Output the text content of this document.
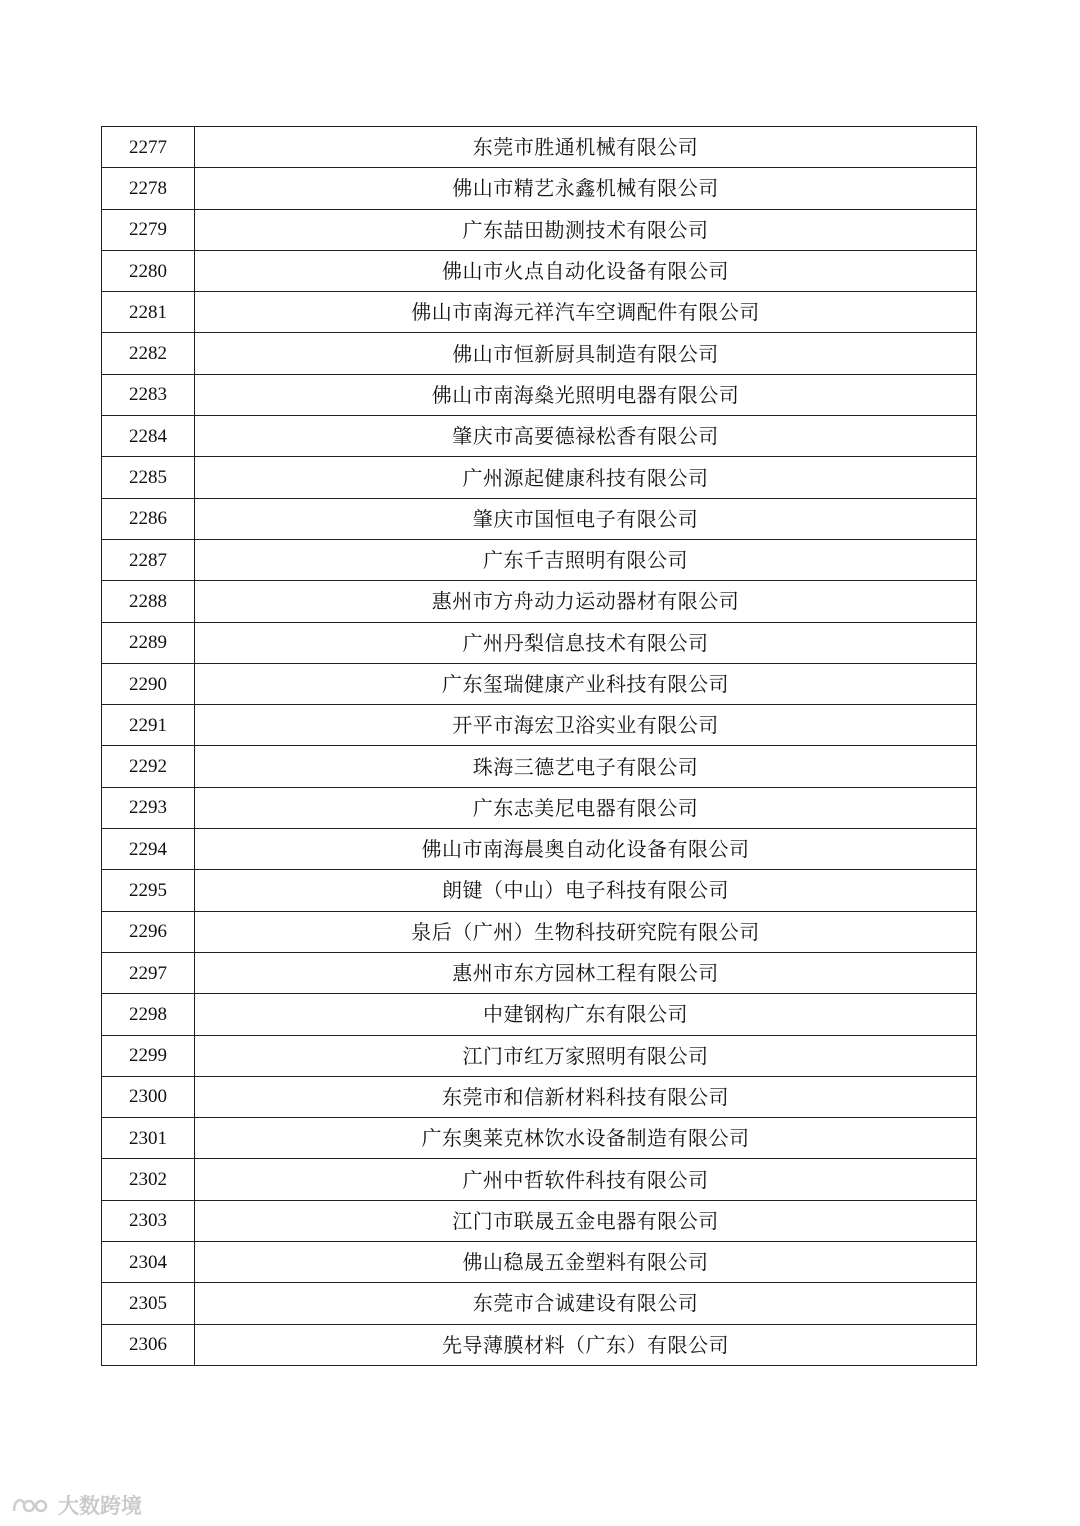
2277	东莞市胜通机械有限公司
2278	佛山市精艺永鑫机械有限公司
2279	广东喆田勘测技术有限公司
2280	佛山市火点自动化设备有限公司
2281	佛山市南海元祥汽车空调配件有限公司
2282	佛山市恒新厨具制造有限公司
2283	佛山市南海燊光照明电器有限公司
2284	肇庆市高要德禄松香有限公司
2285	广州源起健康科技有限公司
2286	肇庆市国恒电子有限公司
2287	广东千吉照明有限公司
2288	惠州市方舟动力运动器材有限公司
2289	广州丹梨信息技术有限公司
2290	广东玺瑞健康产业科技有限公司
2291	开平市海宏卫浴实业有限公司
2292	珠海三德艺电子有限公司
2293	广东志美尼电器有限公司
2294	佛山市南海晨奥自动化设备有限公司
2295	朗键（中山）电子科技有限公司
2296	泉后（广州）生物科技研究院有限公司
2297	惠州市东方园林工程有限公司
2298	中建钢构广东有限公司
2299	江门市红万家照明有限公司
2300	东莞市和信新材料科技有限公司
2301	广东奥莱克林饮水设备制造有限公司
2302	广州中哲软件科技有限公司
2303	江门市联晟五金电器有限公司
2304	佛山稳晟五金塑料有限公司
2305	东莞市合诚建设有限公司
2306	先导薄膜材料（广东）有限公司
大数跨境
